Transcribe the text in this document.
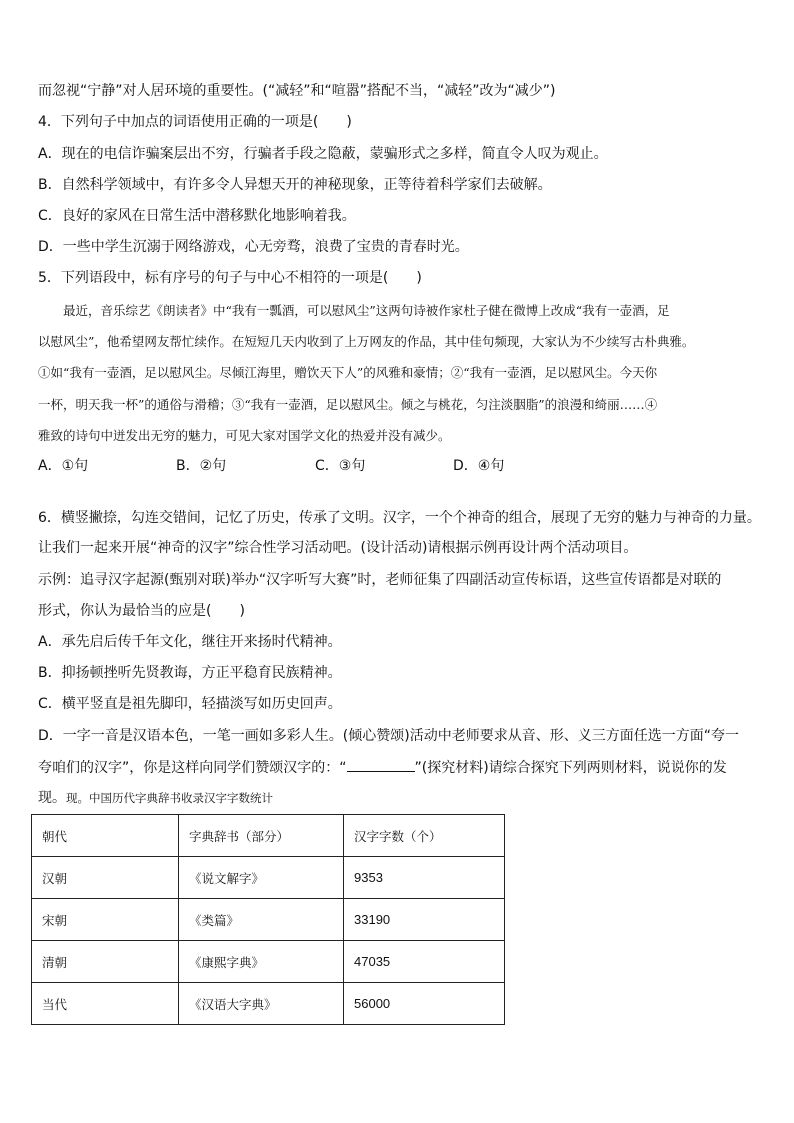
而忽视“宁静”对人居环境的重要性。(“减轻”和“喧嚣”搭配不当，“减轻”改为“减少”)
4．下列句子中加点的词语使用正确的一项是(　　)
A．现在的电信诈骗案层出不穷，行骗者手段之隐蔽，蒙骗形式之多样，简直令人叹为观止。
B．自然科学领域中，有许多令人异想天开的神秘现象，正等待着科学家们去破解。
C．良好的家风在日常生活中潜移默化地影响着我。
D．一些中学生沉溺于网络游戏，心无旁骛，浪费了宝贵的青春时光。
5．下列语段中，标有序号的句子与中心不相符的一项是(　　)
　　最近，音乐综艺《朗读者》中“我有一瓢酒，可以慰风尘”这两句诗被作家杜子健在微博上改成“我有一壶酒，足
以慰风尘”，他希望网友帮忙续作。在短短几天内收到了上万网友的作品，其中佳句频现，大家认为不少续写古朴典雅。
①如“我有一壶酒，足以慰风尘。尽倾江海里，赠饮天下人”的风雅和豪情；②“我有一壶酒，足以慰风尘。今天你
一杯，明天我一杯”的通俗与滑稽；③“我有一壶酒，足以慰风尘。倾之与桃花，匀注淡胭脂”的浪漫和绮丽……④
雅致的诗句中迸发出无穷的魅力，可见大家对国学文化的热爱并没有减少。
A．①句	B．②句	C．③句	D．④句
6．横竖撇捺，勾连交错间，记忆了历史，传承了文明。汉字，一个个神奇的组合，展现了无穷的魅力与神奇的力量。
让我们一起来开展“神奇的汉字”综合性学习活动吧。(设计活动)请根据示例再设计两个活动项目。
示例：追寻汉字起源(甄别对联)举办“汉字听写大赛”时，老师征集了四副活动宣传标语，这些宣传语都是对联的
形式，你认为最恰当的应是(　　)
A．承先启后传千年文化，继往开来扬时代精神。
B．抑扬顿挫听先贤教诲，方正平稳育民族精神。
C．横平竖直是祖先脚印，轻描淡写如历史回声。
D．一字一音是汉语本色，一笔一画如多彩人生。(倾心赞颂)活动中老师要求从音、形、义三方面任选一方面“夸一
夸咱们的汉字”，你是这样向同学们赞颂汉字的：“	”(探究材料)请综合探究下列两则材料，说说你的发
现。现。中国历代字典辞书收录汉字字数统计
朝代	字典辞书（部分）	汉字字数（个）
汉朝	《说文解字》	9353
宋朝	《类篇》	33190
清朝	《康熙字典》	47035
当代	《汉语大字典》	56000
